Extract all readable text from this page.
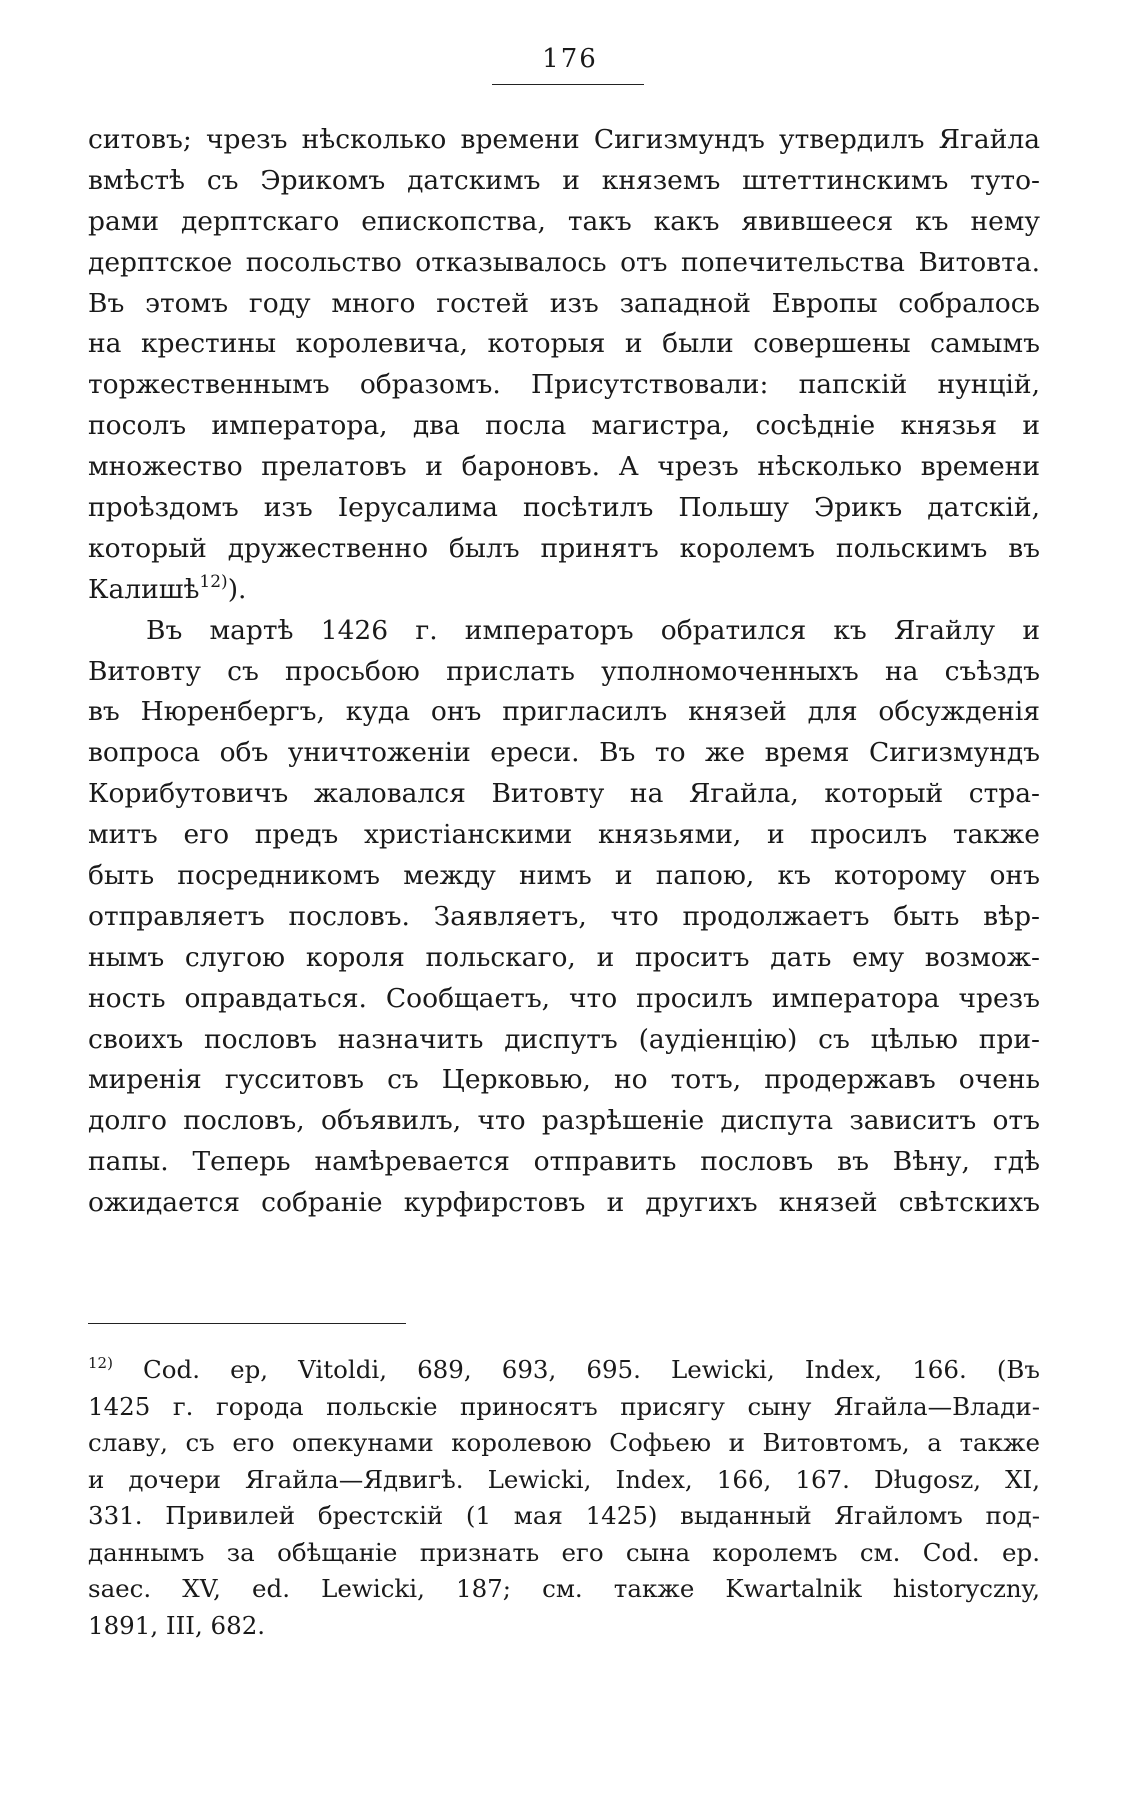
176
ситовъ; чрезъ нѣсколько времени Сигизмундъ утвердилъ Ягайла
вмѣстѣ съ Эрикомъ датскимъ и княземъ штеттинскимъ туто-
рами дерптскаго епископства, такъ какъ явившееся къ нему
дерптское посольство отказывалось отъ попечительства Витовта.
Въ этомъ году много гостей изъ западной Европы собралось
на крестины королевича, которыя и были совершены самымъ
торжественнымъ образомъ. Присутствовали: папскій нунцій,
посолъ императора, два посла магистра, сосѣдніе князья и
множество прелатовъ и бароновъ. А чрезъ нѣсколько времени
проѣздомъ изъ Іерусалима посѣтилъ Польшу Эрикъ датскій,
который дружественно былъ принятъ королемъ польскимъ въ
Калишѣ$^{12)}$).
Въ мартѣ 1426 г. императоръ обратился къ Ягайлу и
Витовту съ просьбою прислать уполномоченныхъ на съѣздъ
въ Нюренбергъ, куда онъ пригласилъ князей для обсужденія
вопроса объ уничтоженіи ереси. Въ то же время Сигизмундъ
Корибутовичъ жаловался Витовту на Ягайла, который стра-
митъ его предъ христіанскими князьями, и просилъ также
быть посредникомъ между нимъ и папою, къ которому онъ
отправляетъ пословъ. Заявляетъ, что продолжаетъ быть вѣр-
нымъ слугою короля польскаго, и проситъ дать ему возмож-
ность оправдаться. Сообщаетъ, что просилъ императора чрезъ
своихъ пословъ назначить диспутъ (аудіенцію) съ цѣлью при-
миренія гусситовъ съ Церковью, но тотъ, продержавъ очень
долго пословъ, объявилъ, что разрѣшеніе диспута зависитъ отъ
папы. Теперь намѣревается отправить пословъ въ Вѣну, гдѣ
ожидается собраніе курфирстовъ и другихъ князей свѣтскихъ
$^{12)}$ Cod. ep, Vitoldi, 689, 693, 695. Lewicki, Index, 166. (Въ
1425 г. города польскіе приносятъ присягу сыну Ягайла—Влади-
славу, съ его опекунами королевою Софьею и Витовтомъ, а также
и дочери Ягайла—Ядвигѣ. Lewicki, Index, 166, 167. Długosz, XI,
331. Привилей брестскій (1 мая 1425) выданный Ягайломъ под-
даннымъ за обѣщаніе признать его сына королемъ см. Cod. ep.
saec. XV, ed. Lewicki, 187; см. также Kwartalnik historyczny,
1891, III, 682.
